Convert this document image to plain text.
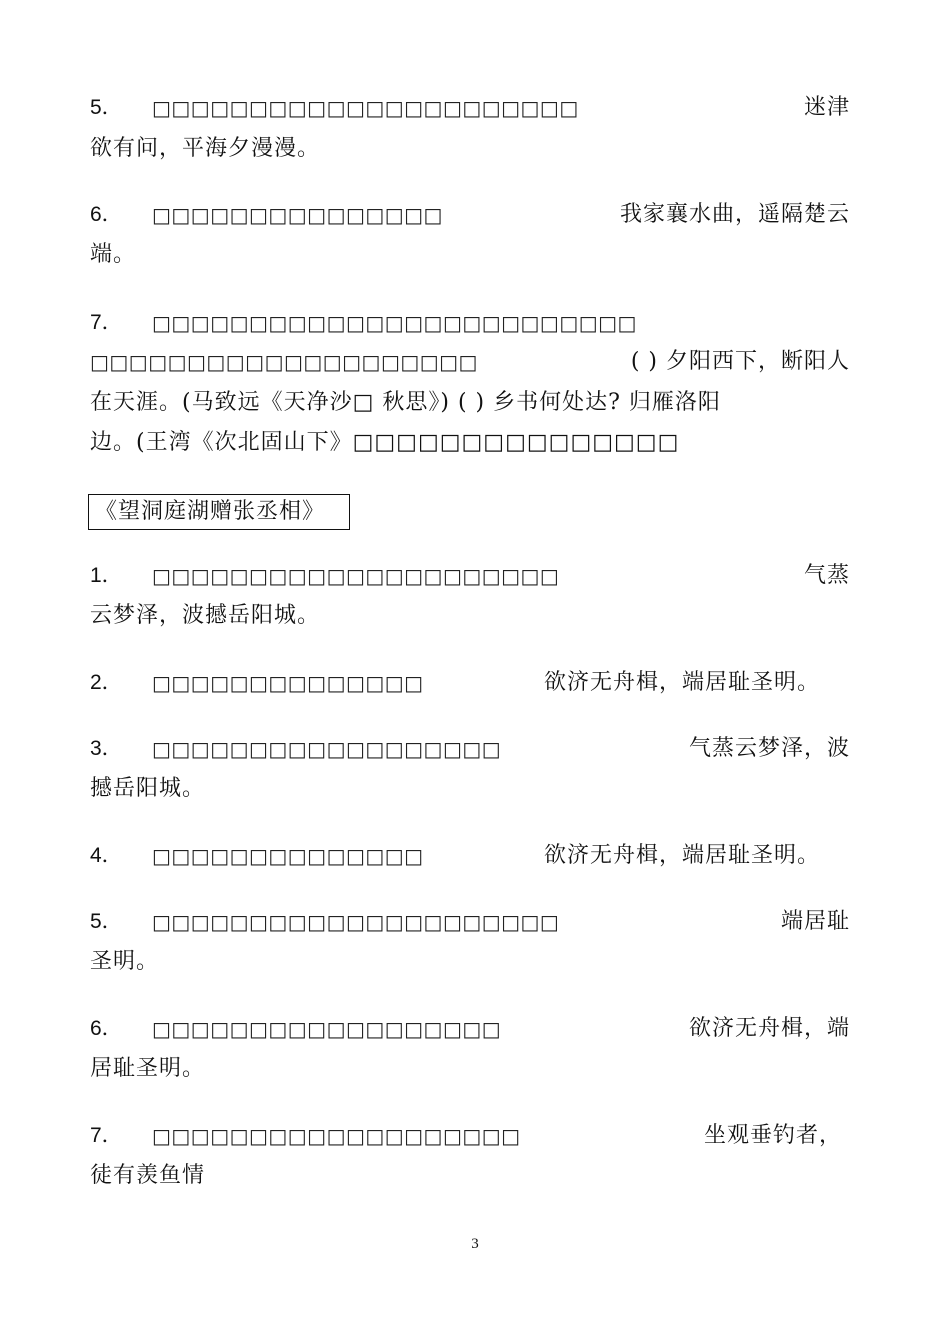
5． □□□□□□□□□□□□□□□□□□□□□□	迷津
欲有问，平海夕漫漫。
6． □□□□□□□□□□□□□□□	我家襄水曲，遥隔楚云
端。
7． □□□□□□□□□□□□□□□□□□□□□□□□□
□□□□□□□□□□□□□□□□□□□□	( ) 夕阳西下，断阳人
在天涯。(马致远《天净沙□ 秋思》) ( ) 乡书何处达? 归雁洛阳
边。(王湾《次北固山下》□□□□□□□□□□□□□□□
《望洞庭湖赠张丞相》
1． □□□□□□□□□□□□□□□□□□□□□	气蒸
云梦泽，波撼岳阳城。
2． □□□□□□□□□□□□□□	欲济无舟楫，端居耻圣明。
3． □□□□□□□□□□□□□□□□□□	气蒸云梦泽，波
撼岳阳城。
4． □□□□□□□□□□□□□□	欲济无舟楫，端居耻圣明。
5． □□□□□□□□□□□□□□□□□□□□□	端居耻
圣明。
6． □□□□□□□□□□□□□□□□□□	欲济无舟楫，端
居耻圣明。
7． □□□□□□□□□□□□□□□□□□□	坐观垂钓者，
徒有羡鱼情
3
